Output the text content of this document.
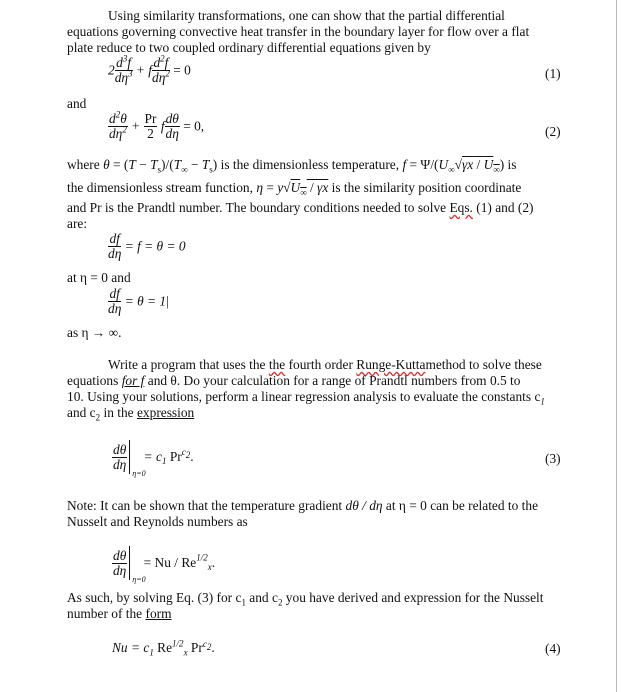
Using similarity transformations, one can show that the partial differential
equations governing convective heat transfer in the boundary layer for flow over a flat
plate reduce to two coupled ordinary differential equations given by
$2 \frac{d^3f}{d\eta^3} + f \frac{d^2f}{d\eta^2} = 0$	(1)
and
$\frac{d^2\theta}{d\eta^2} + \frac{Pr}{2}$ f $\frac{d\theta}{d\eta} = 0$,	(2)
where $\theta = (T - T_s)/(T_\infty - T_s)$ is the dimensionless temperature, $f = \Psi/(U_\infty√\gamma x / U_\infty)$ is
the dimensionless stream function, $\eta = y√U_\infty / \gamma x$ is the similarity position coordinate
and Pr is the Prandtl number. The boundary conditions needed to solve Eqs. (1) and (2)
are:
$\frac{df}{d\eta} = f = \theta = 0$
at η = 0 and
$\frac{df}{d\eta} = \theta = 1|$
as η → ∞.
Write a program that uses the the fourth order Runge-Kuttamethod to solve these
equations for f and θ. Do your calculation for a range of Prandtl numbers from 0.5 to
10. Using your solutions, perform a linear regression analysis to evaluate the constants $c_1$
and $c_2$ in the expression
$\frac{d\theta}{d\eta}$
η=0
= $c_1$ $Pr^{c_2}$.	(3)
Note: It can be shown that the temperature gradient dθ / dη at η = 0 can be related to the
Nusselt and Reynolds numbers as
$\frac{d\theta}{d\eta}$
η=0
= Nu / $Re^{1/2}_x$.
As such, by solving Eq. (3) for $c_1$ and $c_2$ you have derived and expression for the Nusselt
number of the form
$Nu = c_1$ $Re^{1/2}_x$ $Pr^{c_2}$.	(4)
